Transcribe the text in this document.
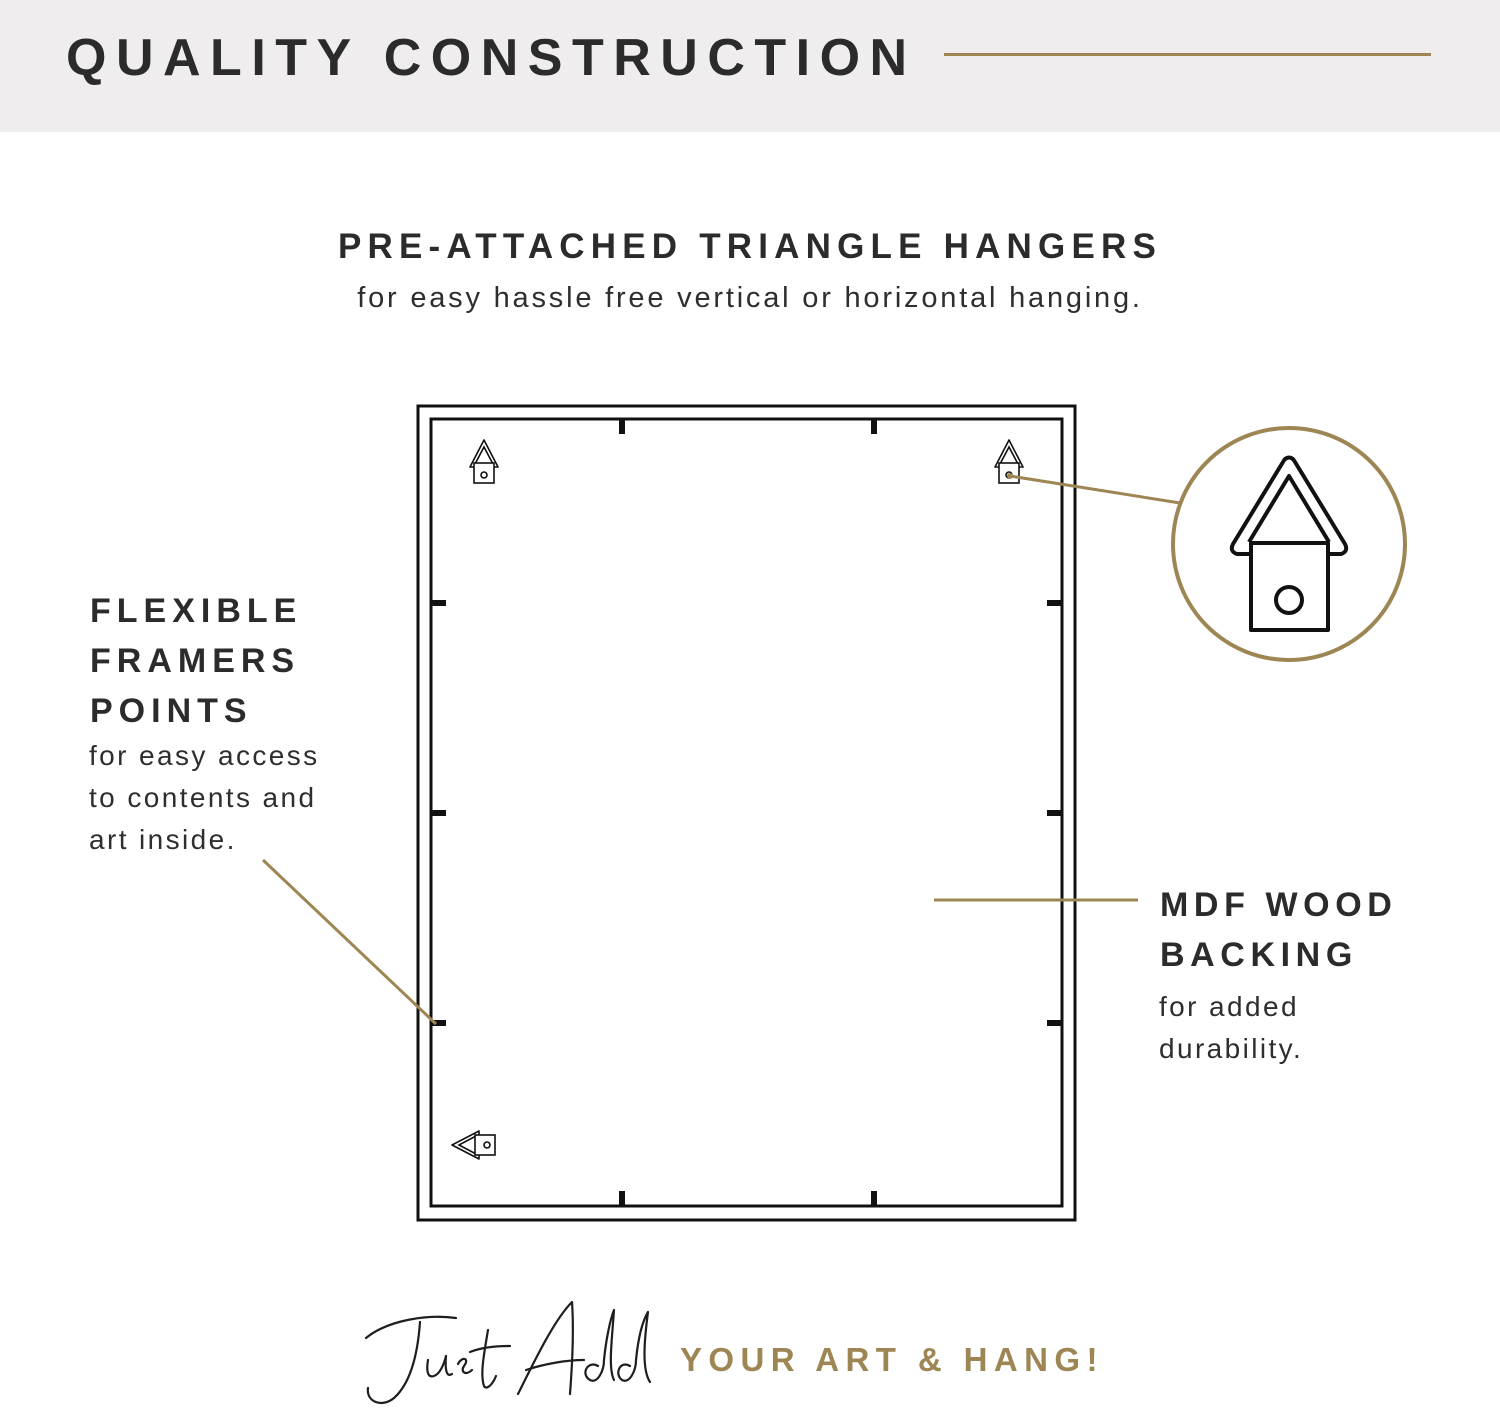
QUALITY CONSTRUCTION
PRE-ATTACHED TRIANGLE HANGERS
for easy hassle free vertical or horizontal hanging.
FLEXIBLE
FRAMERS
POINTS
for easy access
to contents and
art inside.
MDF WOOD
BACKING
for added
durability.
YOUR ART & HANG!
